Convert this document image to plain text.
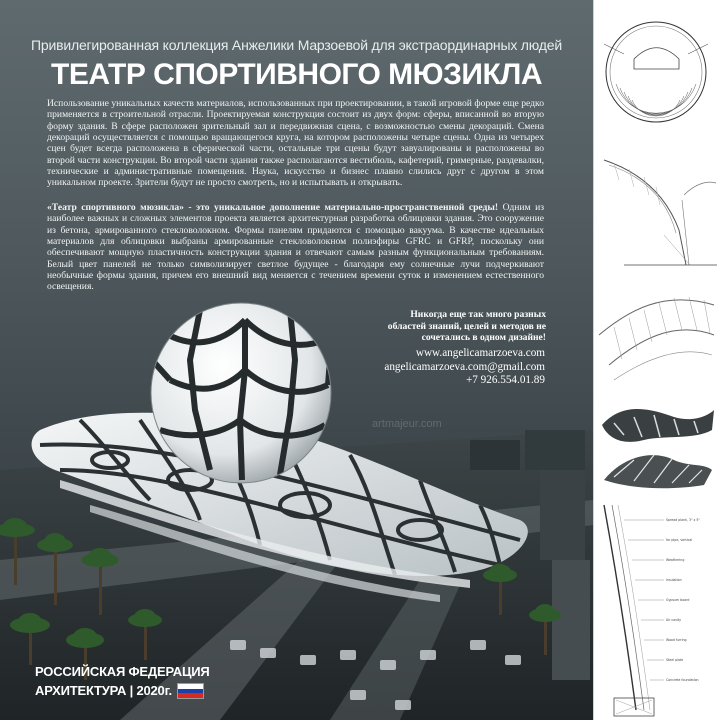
Привилегированная коллекция Анжелики Марзоевой для экстраординарных людей
ТЕАТР СПОРТИВНОГО МЮЗИКЛА
Использование уникальных качеств материалов, использованных при проектировании, в такой игровой форме еще редко применяется в строительной отрасли. Проектируемая конструкция состоит из двух форм: сферы, вписанной во вторую форму здания. В сфере расположен зрительный зал и передвижная сцена, с возможностью смены декораций. Смена декораций осуществляется с помощью вращающегося круга, на котором расположены четыре сцены. Одна из четырех сцен будет всегда расположена в сферической части, остальные три сцены будут завуалированы и расположены во второй части конструкции. Во второй части здания также располагаются вестибюль, кафетерий, гримерные, раздевалки, технические и административные помещения. Наука, искусство и бизнес плавно слились друг с другом в этом уникальном проекте. Зрители будут не просто смотреть, но и испытывать и открывать.
«Театр спортивного мюзикла» - это уникальное дополнение материально-пространственной среды! Одним из наиболее важных и сложных элементов проекта является архитектурная разработка облицовки здания. Это сооружение из бетона, армированного стекловолокном. Формы панелям придаются с помощью вакуума. В качестве идеальных материалов для облицовки выбраны армированные стекловолокном полиэфиры GFRC и GFRP, поскольку они обеспечивают мощную пластичность конструкции здания и отвечают самым разным функциональным требованиям. Белый цвет панелей не только символизирует светлое будущее - благодаря ему солнечные лучи подчеркивают необычные формы здания, причем его внешний вид меняется с течением времени суток и изменением естественного освещения.
Никогда еще так много разных
областей знаний, целей и методов не
сочетались в одном дизайне!
www.angelicamarzoeva.com
angelicamarzoeva.com@gmail.com
+7 926.554.01.89
artmajeur.com
РОССИЙСКАЯ ФЕДЕРАЦИЯ
АРХИТЕКТУРА | 2020г.
Spread plank, 3" x 5"
for pipe, vertical
Weathering
Insulation
Gypsum board
Air cavity
Wood furring
Steel plate
Concrete foundation
